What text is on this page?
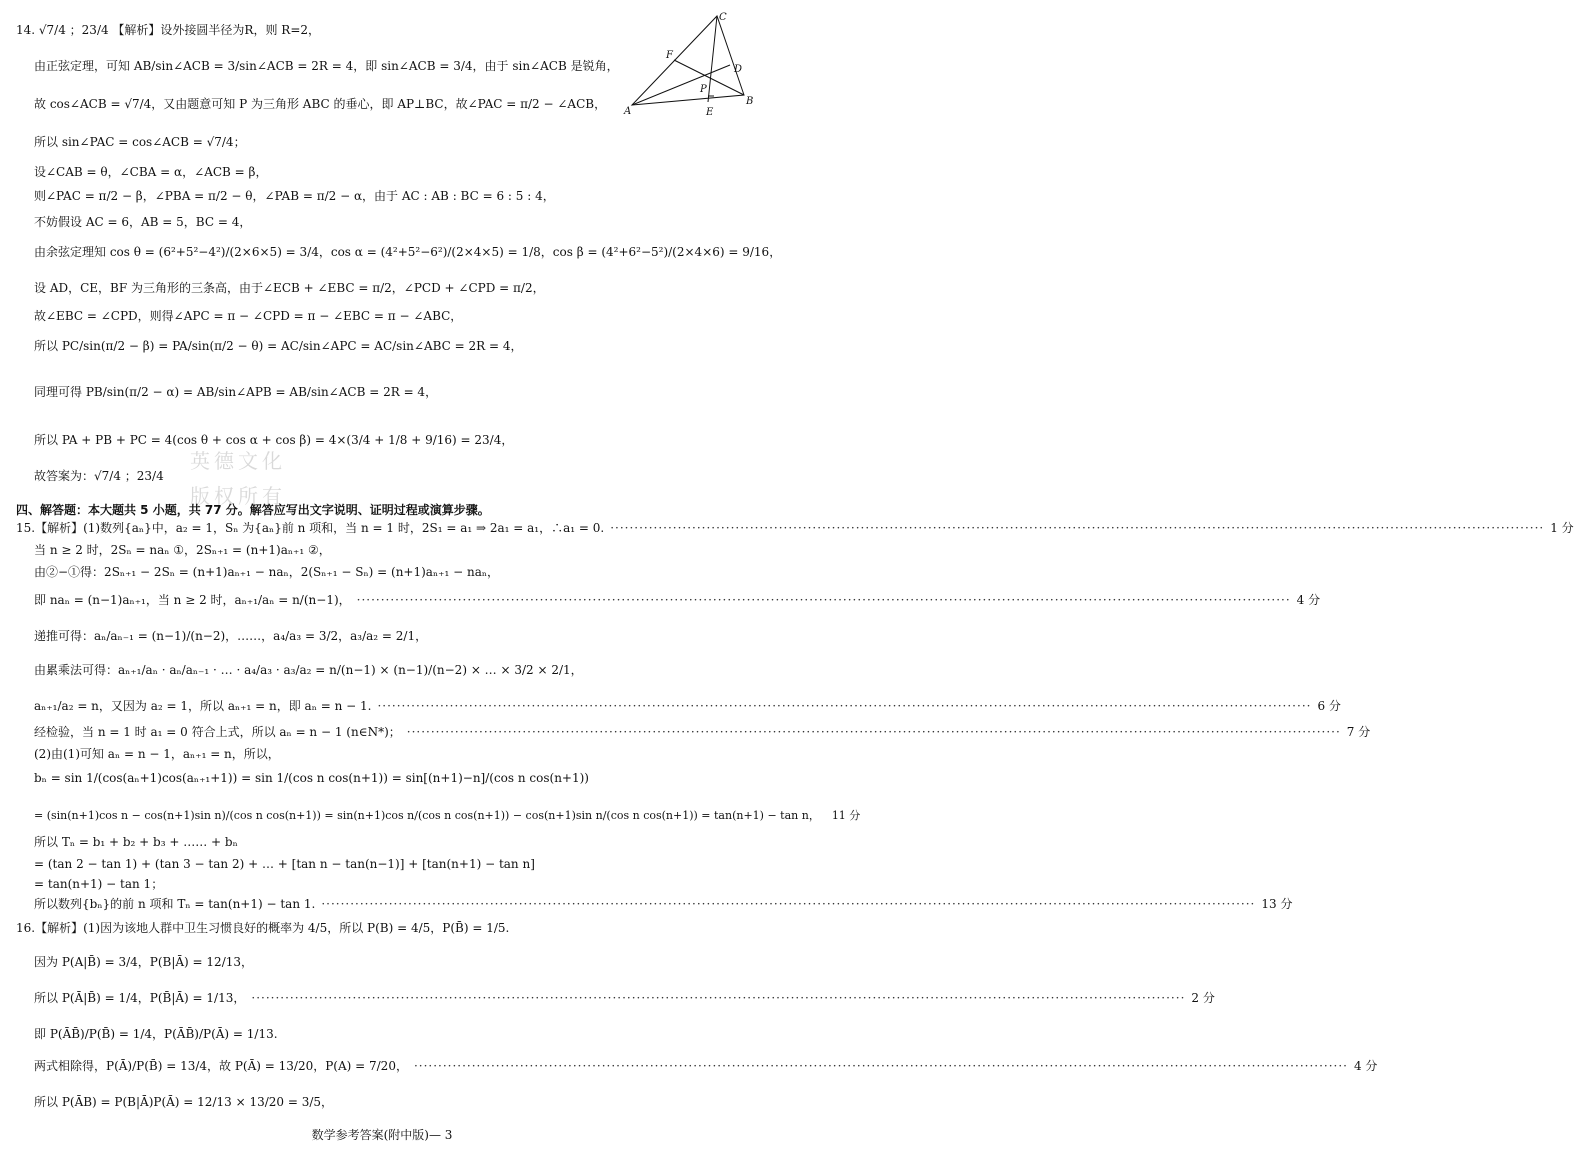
C
F
D
P
A	E
B
14. √7/4 ；23/4 【解析】设外接圆半径为R，则 R=2，
由正弦定理，可知 AB/sin∠ACB = 3/sin∠ACB = 2R = 4，即 sin∠ACB = 3/4，由于 sin∠ACB 是锐角，
故 cos∠ACB = √7/4，又由题意可知 P 为三角形 ABC 的垂心，即 AP⊥BC，故∠PAC = π/2 − ∠ACB，
所以 sin∠PAC = cos∠ACB = √7/4；
设∠CAB = θ，∠CBA = α，∠ACB = β，
则∠PAC = π/2 − β，∠PBA = π/2 − θ，∠PAB = π/2 − α，由于 AC : AB : BC = 6 : 5 : 4，
不妨假设 AC = 6，AB = 5，BC = 4，
由余弦定理知 cos θ = (6²+5²−4²)/(2×6×5) = 3/4，cos α = (4²+5²−6²)/(2×4×5) = 1/8，cos β = (4²+6²−5²)/(2×4×6) = 9/16，
设 AD，CE，BF 为三角形的三条高，由于∠ECB + ∠EBC = π/2，∠PCD + ∠CPD = π/2，
故∠EBC = ∠CPD，则得∠APC = π − ∠CPD = π − ∠EBC = π − ∠ABC，
所以 PC/sin(π/2 − β) = PA/sin(π/2 − θ) = AC/sin∠APC = AC/sin∠ABC = 2R = 4，
同理可得 PB/sin(π/2 − α) = AB/sin∠APB = AB/sin∠ACB = 2R = 4，
所以 PA + PB + PC = 4(cos θ + cos α + cos β) = 4×(3/4 + 1/8 + 9/16) = 23/4，
故答案为：√7/4 ；23/4
英德文化
版权所有
四、解答题：本大题共 5 小题，共 77 分。解答应写出文字说明、证明过程或演算步骤。
15.【解析】(1)数列{aₙ}中，a₂ = 1，Sₙ 为{aₙ}前 n 项和，当 n = 1 时，2S₁ = a₁ ⇒ 2a₁ = a₁，∴a₁ = 0. ·····	1 分
当 n ≥ 2 时，2Sₙ = naₙ ①，2Sₙ₊₁ = (n+1)aₙ₊₁ ②，
由②−①得：2Sₙ₊₁ − 2Sₙ = (n+1)aₙ₊₁ − naₙ，2(Sₙ₊₁ − Sₙ) = (n+1)aₙ₊₁ − naₙ，
即 naₙ = (n−1)aₙ₊₁，当 n ≥ 2 时，aₙ₊₁/aₙ = n/(n−1)， ·····	4 分
递推可得：aₙ/aₙ₋₁ = (n−1)/(n−2)，……，a₄/a₃ = 3/2，a₃/a₂ = 2/1，
由累乘法可得：aₙ₊₁/aₙ · aₙ/aₙ₋₁ · … · a₄/a₃ · a₃/a₂ = n/(n−1) × (n−1)/(n−2) × … × 3/2 × 2/1，
aₙ₊₁/a₂ = n，又因为 a₂ = 1，所以 aₙ₊₁ = n，即 aₙ = n − 1. ·····	6 分
经检验，当 n = 1 时 a₁ = 0 符合上式，所以 aₙ = n − 1 (n∈N*)； ·····	7 分
(2)由(1)可知 aₙ = n − 1，aₙ₊₁ = n，所以，
bₙ = sin 1/(cos(aₙ+1)cos(aₙ₊₁+1)) = sin 1/(cos n cos(n+1)) = sin[(n+1)−n]/(cos n cos(n+1))
= (sin(n+1)cos n − cos(n+1)sin n)/(cos n cos(n+1)) = sin(n+1)cos n/(cos n cos(n+1)) − cos(n+1)sin n/(cos n cos(n+1)) = tan(n+1) − tan n， 11 分
所以 Tₙ = b₁ + b₂ + b₃ + …… + bₙ
= (tan 2 − tan 1) + (tan 3 − tan 2) + … + [tan n − tan(n−1)] + [tan(n+1) − tan n]
= tan(n+1) − tan 1；
所以数列{bₙ}的前 n 项和 Tₙ = tan(n+1) − tan 1. ·····	13 分
16.【解析】(1)因为该地人群中卫生习惯良好的概率为 4/5，所以 P(B) = 4/5，P(B̄) = 1/5.
因为 P(A|B̄) = 3/4，P(B|Ā) = 12/13，
所以 P(Ā|B̄) = 1/4，P(B̄|Ā) = 1/13， ·····	2 分
即 P(ĀB̄)/P(B̄) = 1/4，P(ĀB̄)/P(Ā) = 1/13.
两式相除得，P(Ā)/P(B̄) = 13/4，故 P(Ā) = 13/20，P(A) = 7/20， ·····	4 分
所以 P(ĀB) = P(B|Ā)P(Ā) = 12/13 × 13/20 = 3/5，
数学参考答案(附中版)— 3
